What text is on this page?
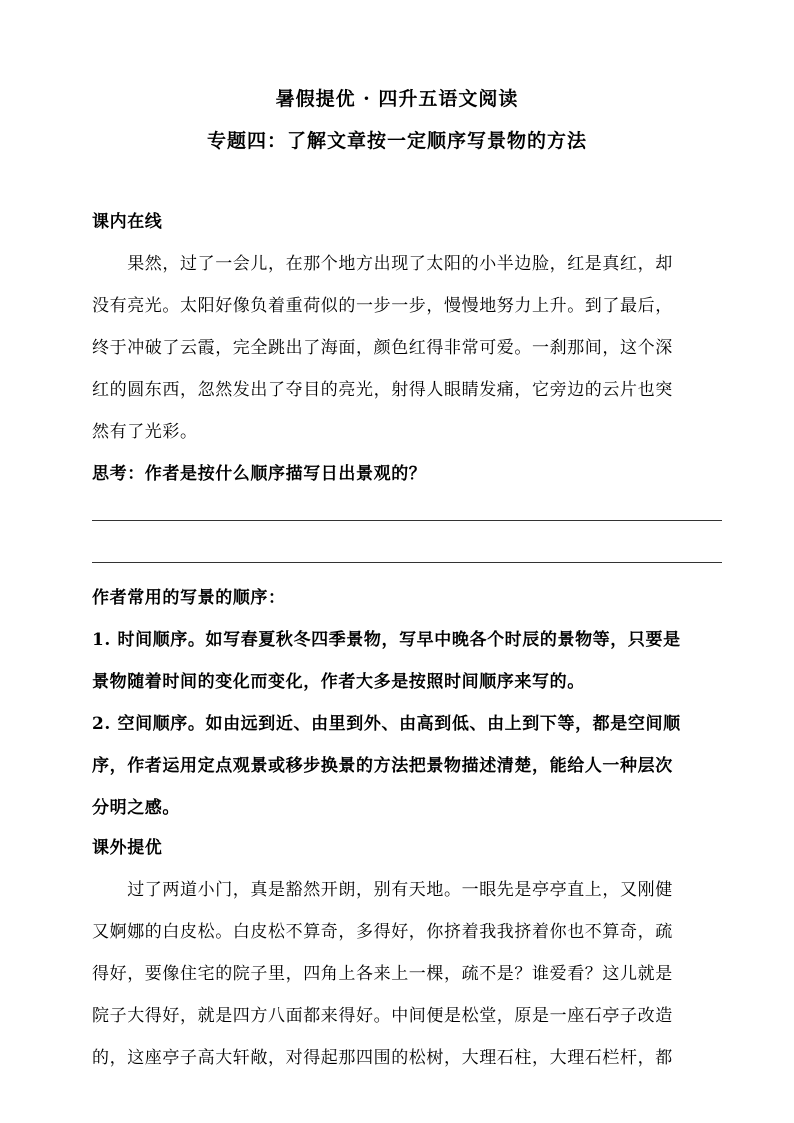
暑假提优 · 四升五语文阅读
专题四：了解文章按一定顺序写景物的方法
课内在线
　　果然，过了一会儿，在那个地方出现了太阳的小半边脸，红是真红，却
没有亮光。太阳好像负着重荷似的一步一步，慢慢地努力上升。到了最后，
终于冲破了云霞，完全跳出了海面，颜色红得非常可爱。一刹那间，这个深
红的圆东西，忽然发出了夺目的亮光，射得人眼睛发痛，它旁边的云片也突
然有了光彩。
思考：作者是按什么顺序描写日出景观的？
作者常用的写景的顺序：
1. 时间顺序。如写春夏秋冬四季景物，写早中晚各个时辰的景物等，只要是
景物随着时间的变化而变化，作者大多是按照时间顺序来写的。
2. 空间顺序。如由远到近、由里到外、由高到低、由上到下等，都是空间顺
序，作者运用定点观景或移步换景的方法把景物描述清楚，能给人一种层次
分明之感。
课外提优
　　过了两道小门，真是豁然开朗，别有天地。一眼先是亭亭直上，又刚健
又婀娜的白皮松。白皮松不算奇，多得好，你挤着我我挤着你也不算奇，疏
得好，要像住宅的院子里，四角上各来上一棵，疏不是？谁爱看？这儿就是
院子大得好，就是四方八面都来得好。中间便是松堂，原是一座石亭子改造
的，这座亭子高大轩敞，对得起那四围的松树，大理石柱，大理石栏杆，都
